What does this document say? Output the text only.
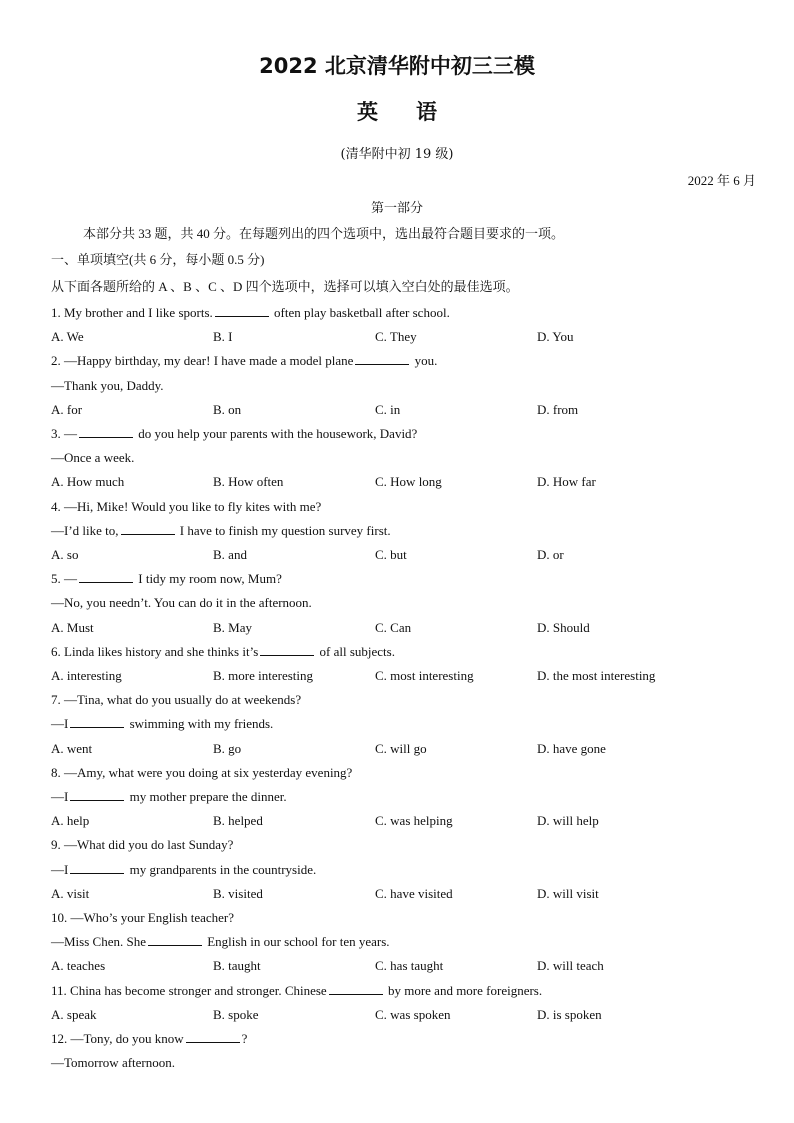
2022 北京清华附中初三三模
英语
(清华附中初 19 级)
2022 年 6 月
第一部分
本部分共 33 题，共 40 分。在每题列出的四个选项中，选出最符合题目要求的一项。
一、单项填空(共 6 分，每小题 0.5 分)
从下面各题所给的 A 、B 、C 、D 四个选项中，选择可以填入空白处的最佳选项。
1. My brother and I like sports.	often play basketball after school.
A. We	B. I	C. They	D. You
2. —Happy birthday, my dear! I have made a model plane	you.
—Thank you, Daddy.
A. for	B. on	C. in	D. from
3. —	do you help your parents with the housework, David?
—Once a week.
A. How much	B. How often	C. How long	D. How far
4. —Hi, Mike! Would you like to fly kites with me?
—I’d like to,	I have to finish my question survey first.
A. so	B. and	C. but	D. or
5. —	I tidy my room now, Mum?
—No, you needn’t. You can do it in the afternoon.
A. Must	B. May	C. Can	D. Should
6. Linda likes history and she thinks it’s	of all subjects.
A. interesting	B. more interesting	C. most interesting	D. the most interesting
7. —Tina, what do you usually do at weekends?
—I	swimming with my friends.
A. went	B. go	C. will go	D. have gone
8. —Amy, what were you doing at six yesterday evening?
—I	my mother prepare the dinner.
A. help	B. helped	C. was helping	D. will help
9. —What did you do last Sunday?
—I	my grandparents in the countryside.
A. visit	B. visited	C. have visited	D. will visit
10. —Who’s your English teacher?
—Miss Chen. She	English in our school for ten years.
A. teaches	B. taught	C. has taught	D. will teach
11. China has become stronger and stronger. Chinese	by more and more foreigners.
A. speak	B. spoke	C. was spoken	D. is spoken
12. —Tony, do you know	?
—Tomorrow afternoon.
